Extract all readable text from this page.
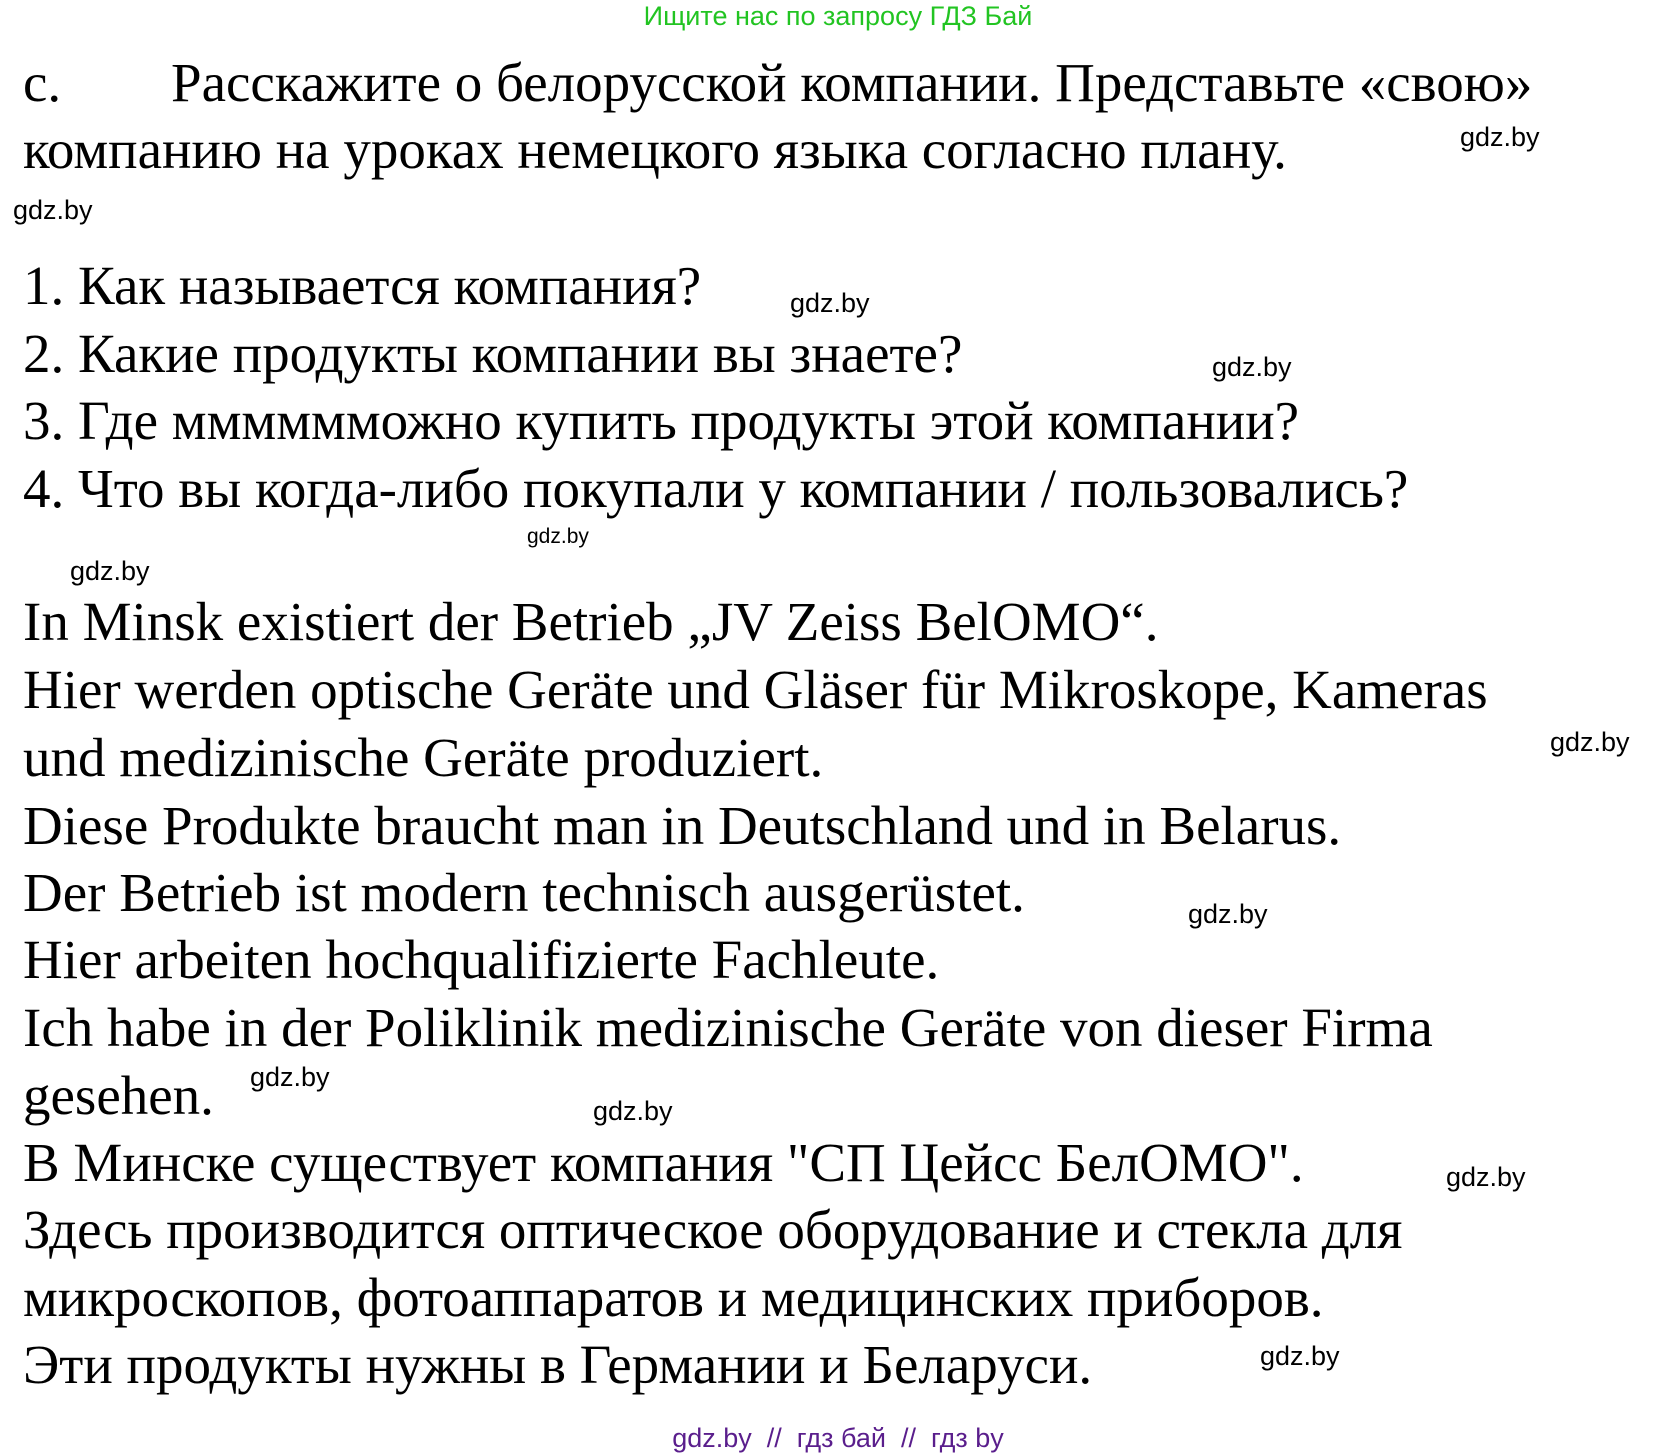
Ищите нас по запросу ГДЗ Бай
с. Расскажите о белорусской компании. Представьте «свою»
компанию на уроках немецкого языка согласно плану.
1. Как называется компания?
2. Какие продукты компании вы знаете?
3. Где мммммможно купить продукты этой компании?
4. Что вы когда-либо покупали у компании / пользовались?
In Minsk existiert der Betrieb „JV Zeiss BelOMO“.
Hier werden optische Geräte und Gläser für Mikroskope, Kameras
und medizinische Geräte produziert.
Diese Produkte braucht man in Deutschland und in Belarus.
Der Betrieb ist modern technisch ausgerüstet.
Hier arbeiten hochqualifizierte Fachleute.
Ich habe in der Poliklinik medizinische Geräte von dieser Firma
gesehen.
В Минске существует компания "СП Цейсс БелОМО".
Здесь производится оптическое оборудование и стекла для
микроскопов, фотоаппаратов и медицинских приборов.
Эти продукты нужны в Германии и Беларуси.
gdz.by
gdz.by
gdz.by
gdz.by
gdz.by
gdz.by
gdz.by
gdz.by
gdz.by
gdz.by
gdz.by
gdz.by
gdz.by  //  гдз бай  //  гдз by
